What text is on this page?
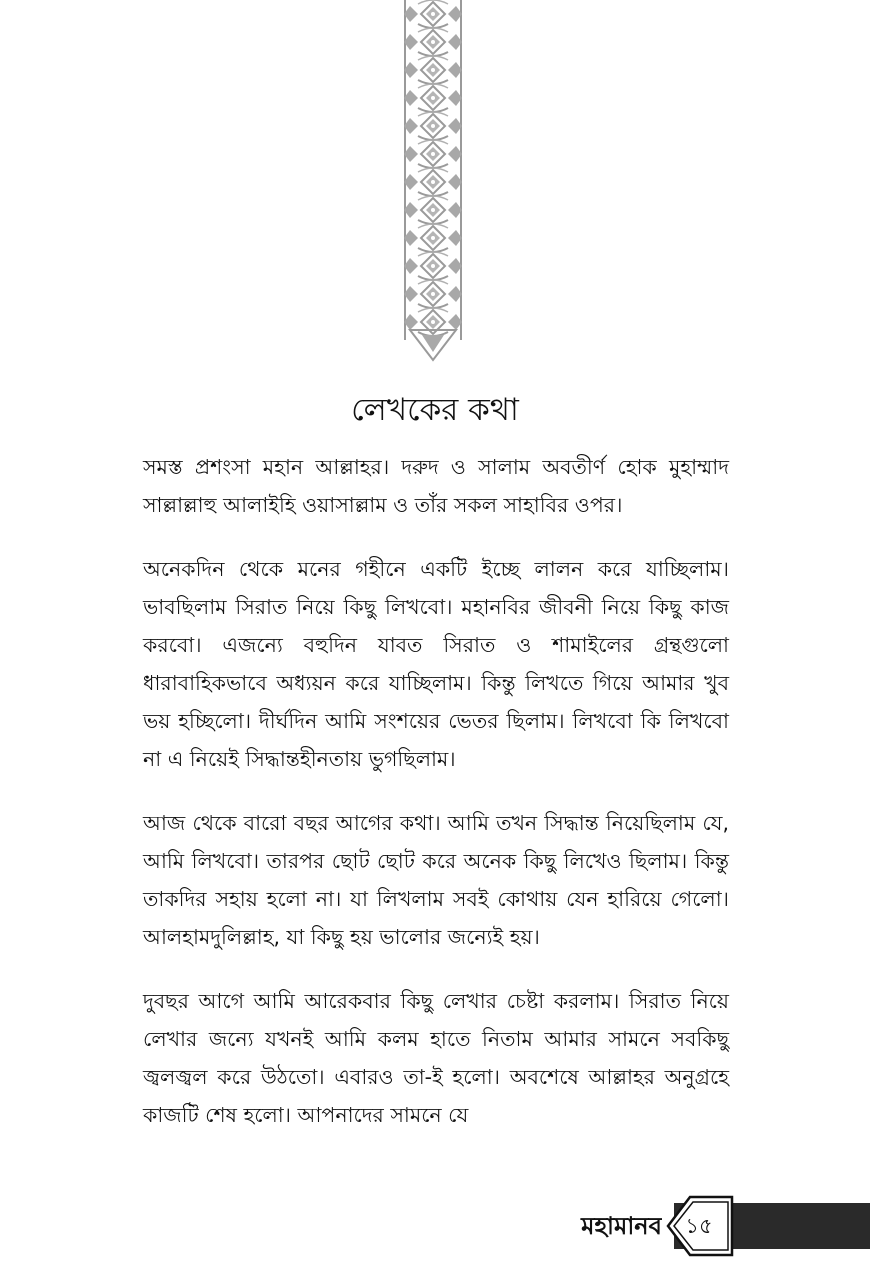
লেখকের কথা

সমস্ত প্রশংসা মহান আল্লাহর। দরুদ ও সালাম অবতীর্ণ হোক মুহাম্মাদ সাল্লাল্লাহু আলাইহি ওয়াসাল্লাম ও তাঁর সকল সাহাবির ওপর।

অনেকদিন থেকে মনের গহীনে একটি ইচ্ছে লালন করে যাচ্ছিলাম। ভাবছিলাম সিরাত নিয়ে কিছু লিখবো। মহানবির জীবনী নিয়ে কিছু কাজ করবো। এজন্যে বহুদিন যাবত সিরাত ও শামাইলের গ্রন্থগুলো ধারাবাহিকভাবে অধ্যয়ন করে যাচ্ছিলাম। কিন্তু লিখতে গিয়ে আমার খুব ভয় হচ্ছিলো। দীর্ঘদিন আমি সংশয়ের ভেতর ছিলাম। লিখবো কি লিখবো না এ নিয়েই সিদ্ধান্তহীনতায় ভুগছিলাম।

আজ থেকে বারো বছর আগের কথা। আমি তখন সিদ্ধান্ত নিয়েছিলাম যে, আমি লিখবো। তারপর ছোট ছোট করে অনেক কিছু লিখেও ছিলাম। কিন্তু তাকদির সহায় হলো না। যা লিখলাম সবই কোথায় যেন হারিয়ে গেলো। আলহামদুলিল্লাহ, যা কিছু হয় ভালোর জন্যেই হয়।

দুবছর আগে আমি আরেকবার কিছু লেখার চেষ্টা করলাম। সিরাত নিয়ে লেখার জন্যে যখনই আমি কলম হাতে নিতাম আমার সামনে সবকিছু জ্বলজ্বল করে উঠতো। এবারও তা-ই হলো। অবশেষে আল্লাহর অনুগ্রহে কাজটি শেষ হলো। আপনাদের সামনে যে

মহামানব	১৫
